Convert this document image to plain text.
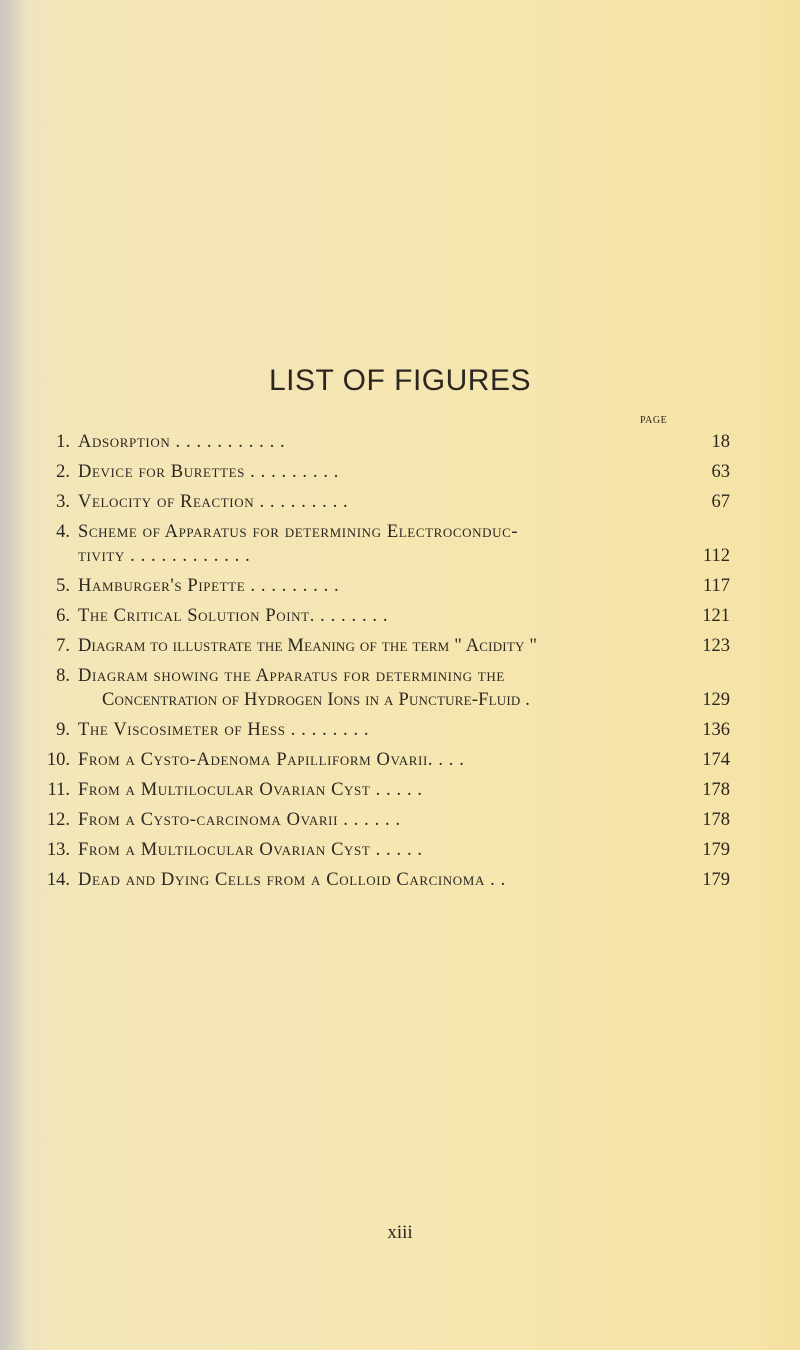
LIST OF FIGURES
PAGE
1. Adsorption . . . . . . . . . . .	18
2. Device for Burettes . . . . . . . . .	63
3. Velocity of Reaction . . . . . . . . .	67
4. Scheme of Apparatus for determining Electroconduc-
tivity . . . . . . . . . . . .	112
5. Hamburger's Pipette . . . . . . . . .	117
6. The Critical Solution Point. . . . . . . .	121
7. Diagram to illustrate the Meaning of the term " Acidity "	123
8. Diagram showing the Apparatus for determining the
Concentration of Hydrogen Ions in a Puncture-Fluid .	129
9. The Viscosimeter of Hess . . . . . . . .	136
10. From a Cysto-Adenoma Papilliform Ovarii. . . .	174
11. From a Multilocular Ovarian Cyst . . . . .	178
12. From a Cysto-carcinoma Ovarii . . . . . .	178
13. From a Multilocular Ovarian Cyst . . . . .	179
14. Dead and Dying Cells from a Colloid Carcinoma . .	179
xiii
